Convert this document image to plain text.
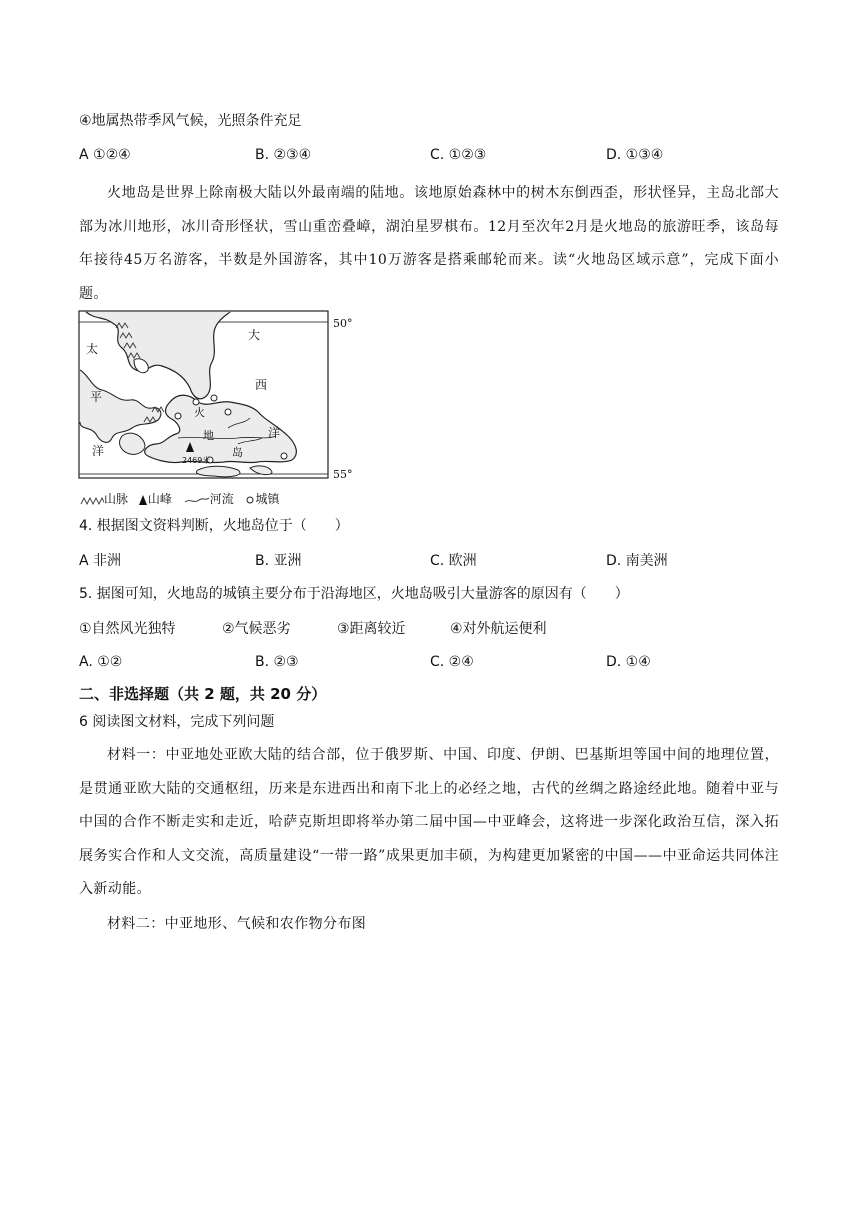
④地属热带季风气候，光照条件充足
A ①②④	B. ②③④	C. ①②③	D. ①③④
火地岛是世界上除南极大陆以外最南端的陆地。该地原始森林中的树木东倒西歪，形状怪异，主岛北部大部为冰川地形，冰川奇形怪状，雪山重峦叠嶂，湖泊星罗棋布。12月至次年2月是火地岛的旅游旺季，该岛每年接待45万名游客，半数是外国游客，其中10万游客是搭乘邮轮而来。读“火地岛区域示意”，完成下面小题。
50°
55°
太
平
洋
大
西
洋
火
地
岛
2469米
山脉 山峰	河流 城镇
4. 根据图文资料判断，火地岛位于（　　）
A 非洲	B. 亚洲	C. 欧洲	D. 南美洲
5. 据图可知，火地岛的城镇主要分布于沿海地区，火地岛吸引大量游客的原因有（　　）
①自然风光独特	②气候恶劣	③距离较近	④对外航运便利
A. ①②	B. ②③	C. ②④	D. ①④
二、非选择题（共 2 题，共 20 分）
6 阅读图文材料，完成下列问题
材料一：中亚地处亚欧大陆的结合部，位于俄罗斯、中国、印度、伊朗、巴基斯坦等国中间的地理位置，是贯通亚欧大陆的交通枢纽，历来是东进西出和南下北上的必经之地，古代的丝绸之路途经此地。随着中亚与中国的合作不断走实和走近，哈萨克斯坦即将举办第二届中国—中亚峰会，这将进一步深化政治互信，深入拓展务实合作和人文交流，高质量建设“一带一路”成果更加丰硕，为构建更加紧密的中国——中亚命运共同体注入新动能。
材料二：中亚地形、气候和农作物分布图
